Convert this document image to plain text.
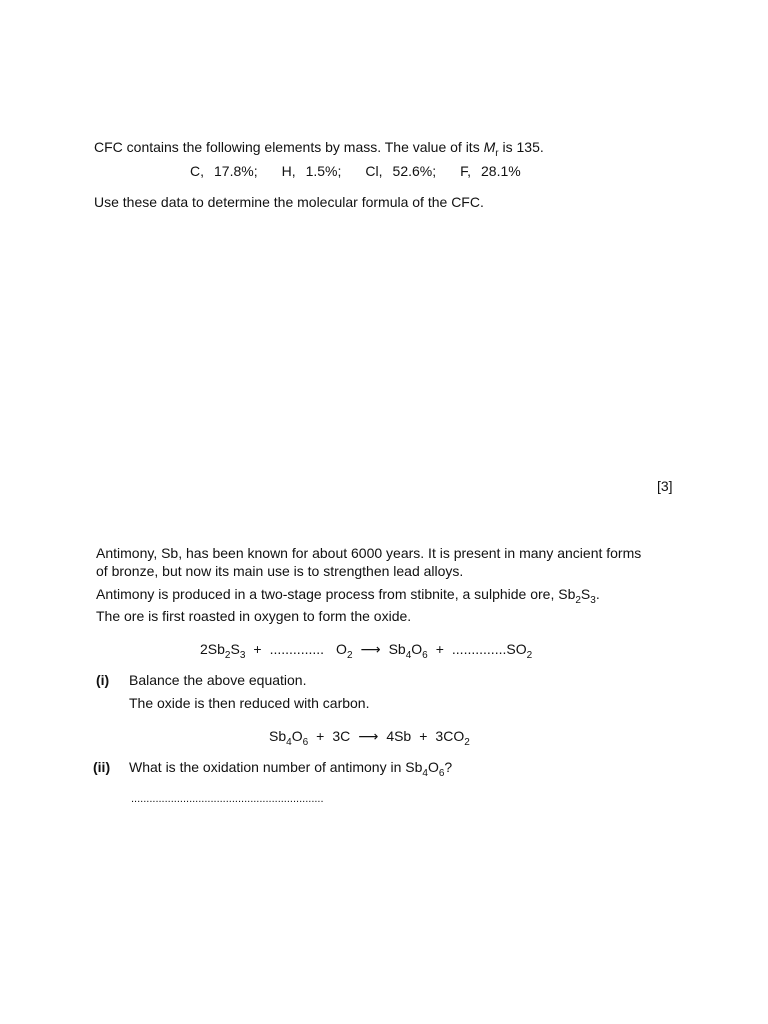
CFC contains the following elements by mass. The value of its $M_r$ is 135.
C, 17.8%; H, 1.5%; Cl, 52.6%; F, 28.1%
Use these data to determine the molecular formula of the CFC.
[3]
Antimony, Sb, has been known for about 6000 years. It is present in many ancient forms
of bronze, but now its main use is to strengthen lead alloys.
Antimony is produced in a two-stage process from stibnite, a sulphide ore, $Sb_2S_3$.
The ore is first roasted in oxygen to form the oxide.
$2Sb_2S_3$ + .............. $O_2$ ⟶ $Sb_4O_6 + ..............SO_2$
(i) Balance the above equation.
The oxide is then reduced with carbon.
$Sb_4O_6 + 3C$ ⟶ $4Sb + 3CO_2$
(ii) What is the oxidation number of antimony in $Sb_4O_6$?
...............................................................
